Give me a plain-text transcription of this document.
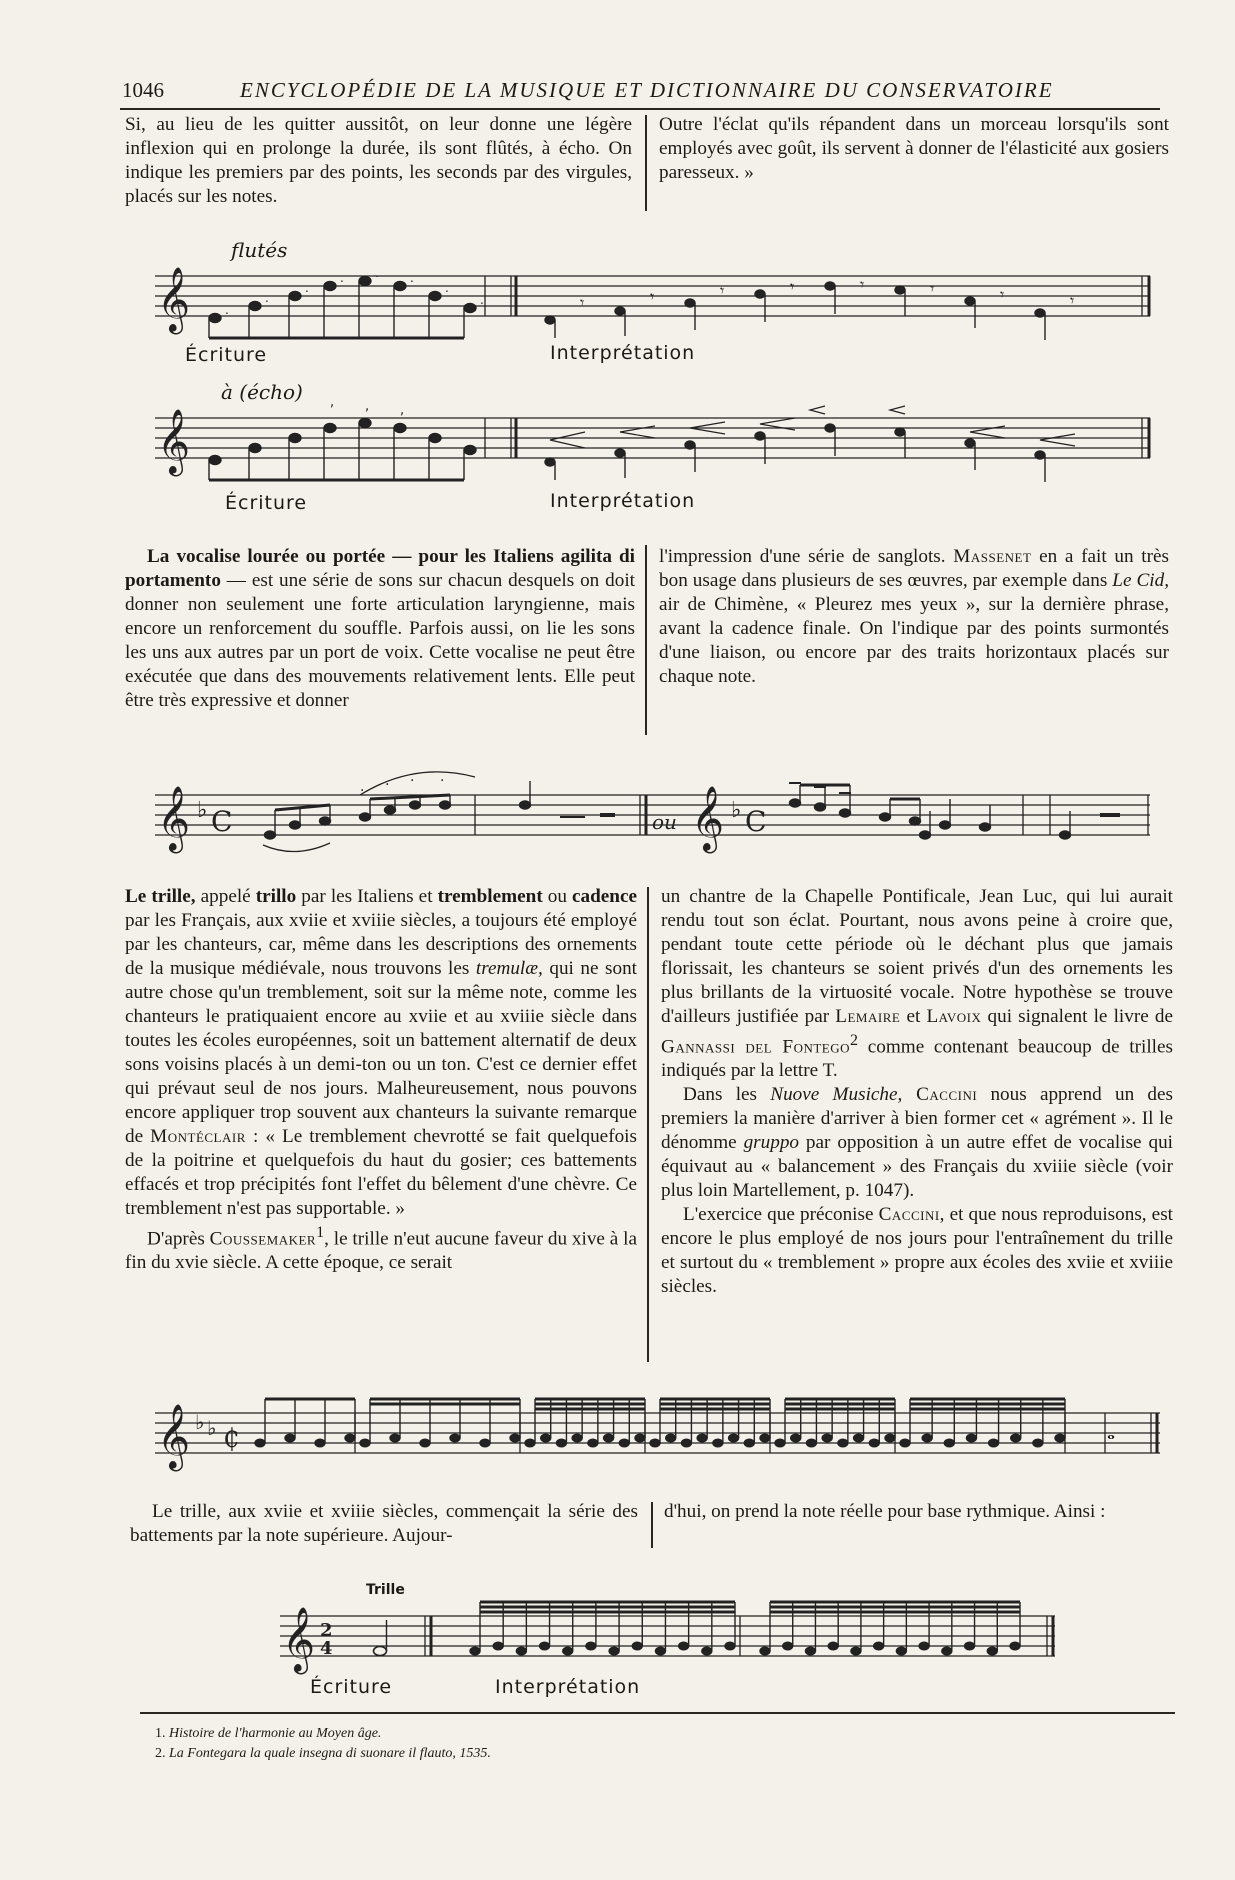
1046	ENCYCLOPÉDIE DE LA MUSIQUE ET DICTIONNAIRE DU CONSERVATOIRE

Si, au lieu de les quitter aussitôt, on leur donne une légère inflexion qui en prolonge la durée, ils sont flûtés, à écho. On indique les premiers par des points, les seconds par des virgules, placés sur les notes.

Outre l'éclat qu'ils répandent dans un morceau lorsqu'ils sont employés avec goût, ils servent à donner de l'élasticité aux gosiers paresseux. »

flutés
𝄞	.
.
.
.	.	.
.
.	𝄾	𝄾	𝄾	𝄾	𝄾	𝄾	𝄾	𝄾
Écriture	Interprétation
à (écho)
𝄞
, , ,
Écriture	Interprétation

La vocalise lourée ou portée — pour les Italiens agilita di portamento — est une série de sons sur chacun desquels on doit donner non seulement une forte articulation laryngienne, mais encore un renforcement du souffle. Parfois aussi, on lie les sons les uns aux autres par un port de voix. Cette vocalise ne peut être exécutée que dans des mouvements relativement lents. Elle peut être très expressive et donner

l'impression d'une série de sanglots. Massenet en a fait un très bon usage dans plusieurs de ses œuvres, par exemple dans Le Cid, air de Chimène, « Pleurez mes yeux », sur la dernière phrase, avant la cadence finale. On l'indique par des points surmontés d'une liaison, ou encore par des traits horizontaux placés sur chaque note.

𝄞 ♭ C	𝄞 ♭ C
. . . .
ou

Le trille, appelé trillo par les Italiens et tremblement ou cadence par les Français, aux xviie et xviiie siècles, a toujours été employé par les chanteurs, car, même dans les descriptions des ornements de la musique médiévale, nous trouvons les tremulæ, qui ne sont autre chose qu'un tremblement, soit sur la même note, comme les chanteurs le pratiquaient encore au xviie et au xviiie siècle dans toutes les écoles européennes, soit un battement alternatif de deux sons voisins placés à un demi-ton ou un ton. C'est ce dernier effet qui prévaut seul de nos jours. Malheureusement, nous pouvons encore appliquer trop souvent aux chanteurs la suivante remarque de Montéclair : « Le tremblement chevrotté se fait quelquefois de la poitrine et quelquefois du haut du gosier; ces battements effacés et trop précipités font l'effet du bêlement d'une chèvre. Ce tremblement n'est pas supportable. »

D'après Coussemaker$^1$, le trille n'eut aucune faveur du xive à la fin du xvie siècle. A cette époque, ce serait

un chantre de la Chapelle Pontificale, Jean Luc, qui lui aurait rendu tout son éclat. Pourtant, nous avons peine à croire que, pendant toute cette période où le déchant plus que jamais florissait, les chanteurs se soient privés d'un des ornements les plus brillants de la virtuosité vocale. Notre hypothèse se trouve d'ailleurs justifiée par Lemaire et Lavoix qui signalent le livre de Gannassi del Fontego$^2$ comme contenant beaucoup de trilles indiqués par la lettre T.

Dans les Nuove Musiche, Caccini nous apprend un des premiers la manière d'arriver à bien former cet « agrément ». Il le dénomme gruppo par opposition à un autre effet de vocalise qui équivaut au « balancement » des Français du xviiie siècle (voir plus loin Martellement, p. 1047).

L'exercice que préconise Caccini, et que nous reproduisons, est encore le plus employé de nos jours pour l'entraînement du trille et surtout du « tremblement » propre aux écoles des xviie et xviiie siècles.

𝄞 ♭ ♭ ₵	𝅝

Le trille, aux xviie et xviiie siècles, commençait la série des battements par la note supérieure. Aujour-

d'hui, on prend la note réelle pour base rythmique. Ainsi :

Trille
𝄞 2
4
Écriture	Interprétation
1. Histoire de l'harmonie au Moyen âge.
2. La Fontegara la quale insegna di suonare il flauto, 1535.
